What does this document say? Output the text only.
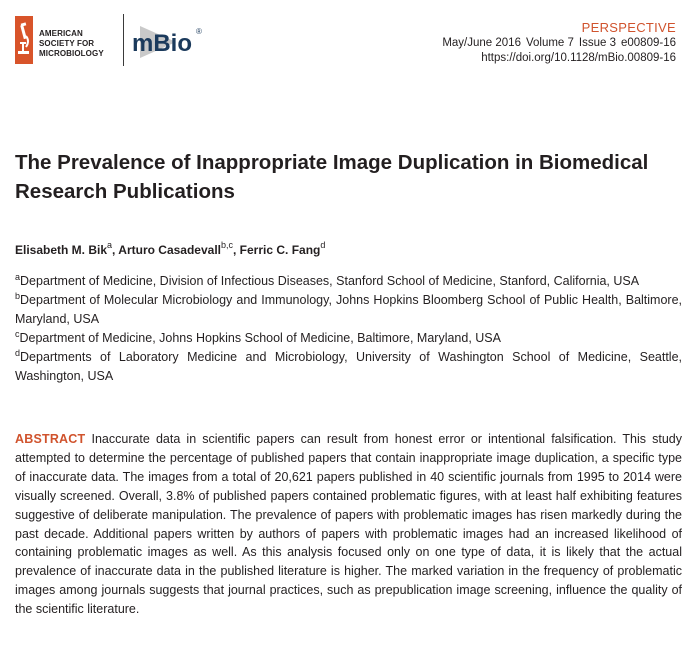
AMERICAN
SOCIETY FOR
MICROBIOLOGY mBio ®	PERSPECTIVE
May/June 2016 Volume 7 Issue 3 e00809-16
https://doi.org/10.1128/mBio.00809-16
The Prevalence of Inappropriate Image Duplication in Biomedical Research Publications
Elisabeth M. Bik$^a$, Arturo Casadevall$^{b,c}$, Ferric C. Fang$^d$
$^a$Department of Medicine, Division of Infectious Diseases, Stanford School of Medicine, Stanford, California, USA
$^b$Department of Molecular Microbiology and Immunology, Johns Hopkins Bloomberg School of Public Health, Baltimore, Maryland, USA
$^c$Department of Medicine, Johns Hopkins School of Medicine, Baltimore, Maryland, USA
$^d$Departments of Laboratory Medicine and Microbiology, University of Washington School of Medicine, Seattle, Washington, USA

ABSTRACT Inaccurate data in scientific papers can result from honest error or intentional falsification. This study attempted to determine the percentage of published papers that contain inappropriate image duplication, a specific type of inaccurate data. The images from a total of 20,621 papers published in 40 scientific journals from 1995 to 2014 were visually screened. Overall, 3.8% of published papers contained problematic figures, with at least half exhibiting features suggestive of deliberate manipulation. The prevalence of papers with problematic images has risen markedly during the past decade. Additional papers written by authors of papers with problematic images had an increased likelihood of containing problematic images as well. As this analysis focused only on one type of data, it is likely that the actual prevalence of inaccurate data in the published literature is higher. The marked variation in the frequency of problematic images among journals suggests that journal practices, such as prepublication image screening, influence the quality of the scientific literature.
